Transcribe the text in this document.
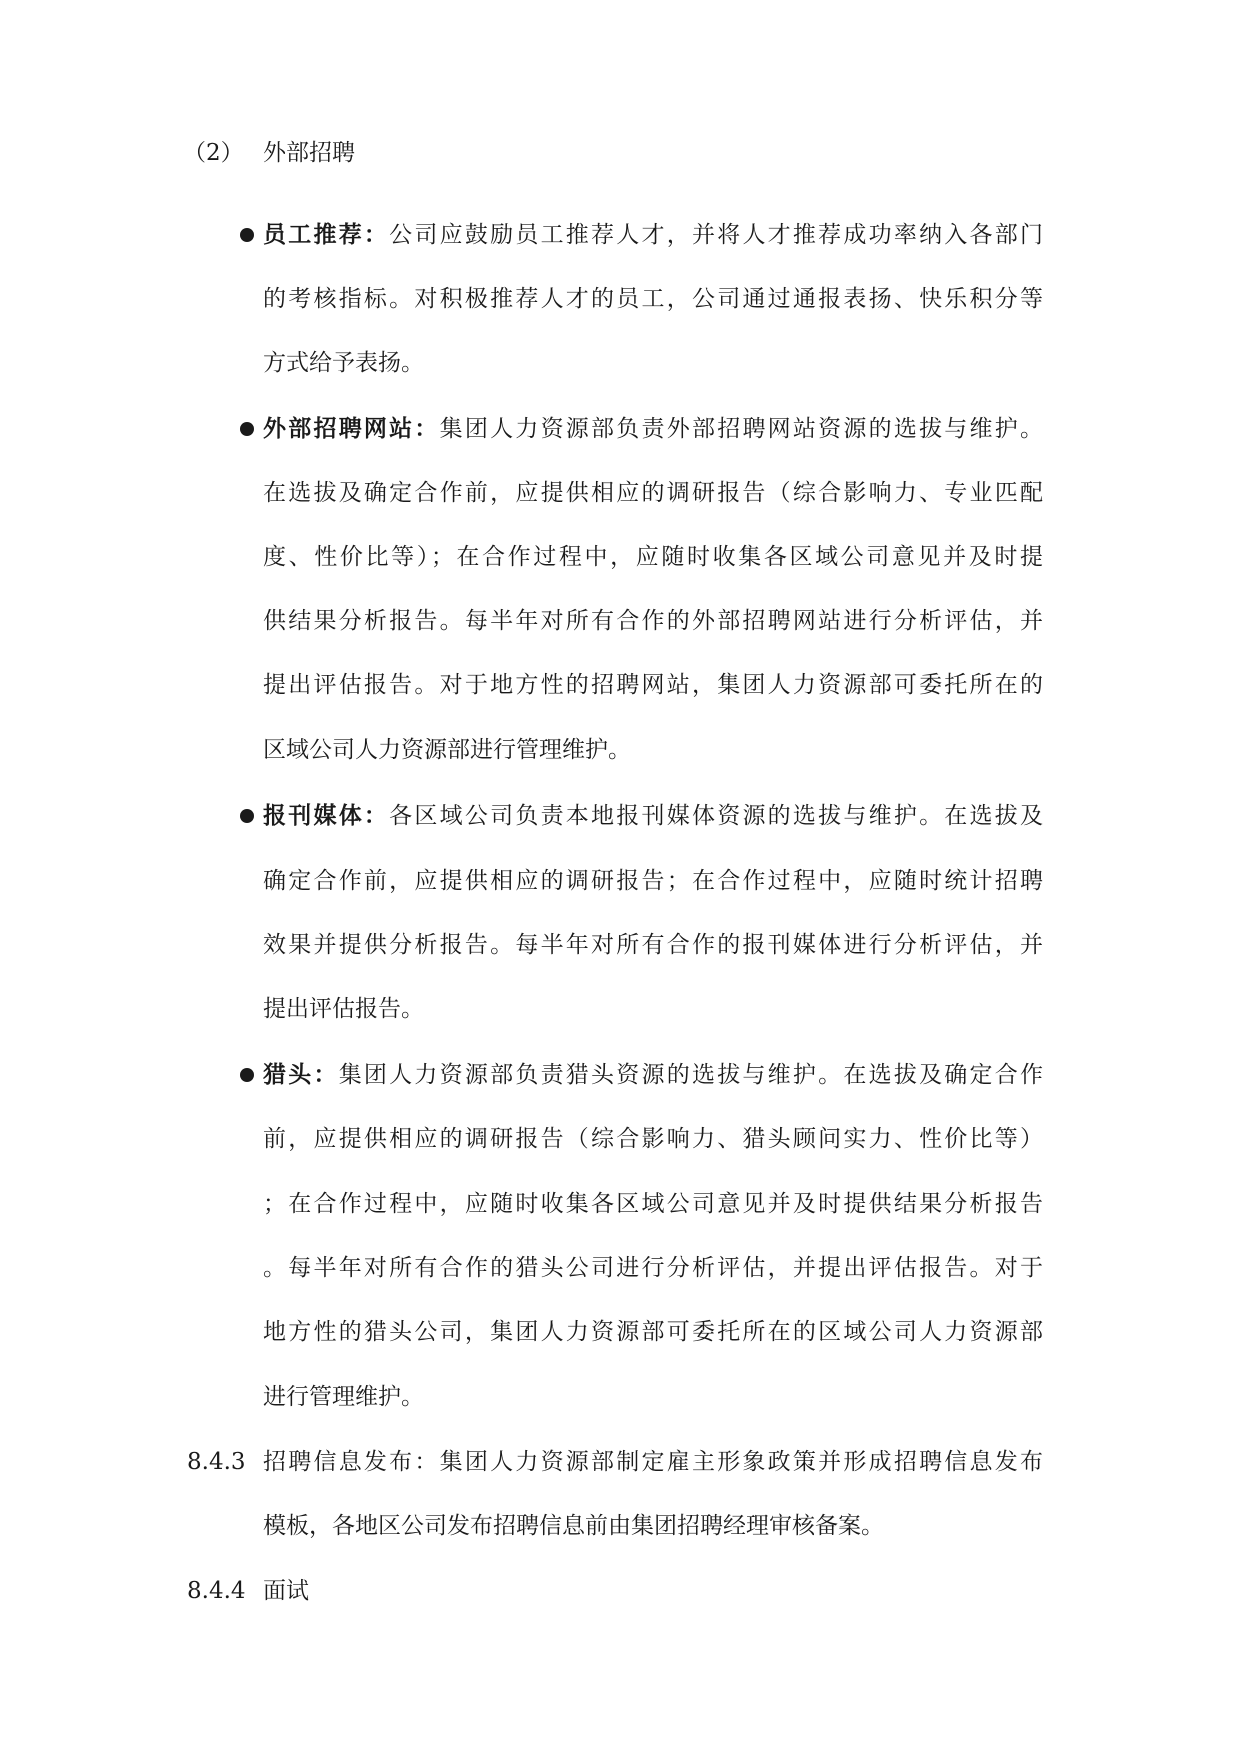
（2） 外部招聘
员工推荐：公司应鼓励员工推荐人才，并将人才推荐成功率纳入各部门
的考核指标。对积极推荐人才的员工，公司通过通报表扬、快乐积分等
方式给予表扬。
外部招聘网站：集团人力资源部负责外部招聘网站资源的选拔与维护。
在选拔及确定合作前，应提供相应的调研报告（综合影响力、专业匹配
度、性价比等）；在合作过程中，应随时收集各区域公司意见并及时提
供结果分析报告。每半年对所有合作的外部招聘网站进行分析评估，并
提出评估报告。对于地方性的招聘网站，集团人力资源部可委托所在的
区域公司人力资源部进行管理维护。
报刊媒体：各区域公司负责本地报刊媒体资源的选拔与维护。在选拔及
确定合作前，应提供相应的调研报告；在合作过程中，应随时统计招聘
效果并提供分析报告。每半年对所有合作的报刊媒体进行分析评估，并
提出评估报告。
猎头：集团人力资源部负责猎头资源的选拔与维护。在选拔及确定合作
前，应提供相应的调研报告（综合影响力、猎头顾问实力、性价比等）
；在合作过程中，应随时收集各区域公司意见并及时提供结果分析报告
。每半年对所有合作的猎头公司进行分析评估，并提出评估报告。对于
地方性的猎头公司，集团人力资源部可委托所在的区域公司人力资源部
进行管理维护。
8.4.3 招聘信息发布：集团人力资源部制定雇主形象政策并形成招聘信息发布
模板，各地区公司发布招聘信息前由集团招聘经理审核备案。
8.4.4 面试
